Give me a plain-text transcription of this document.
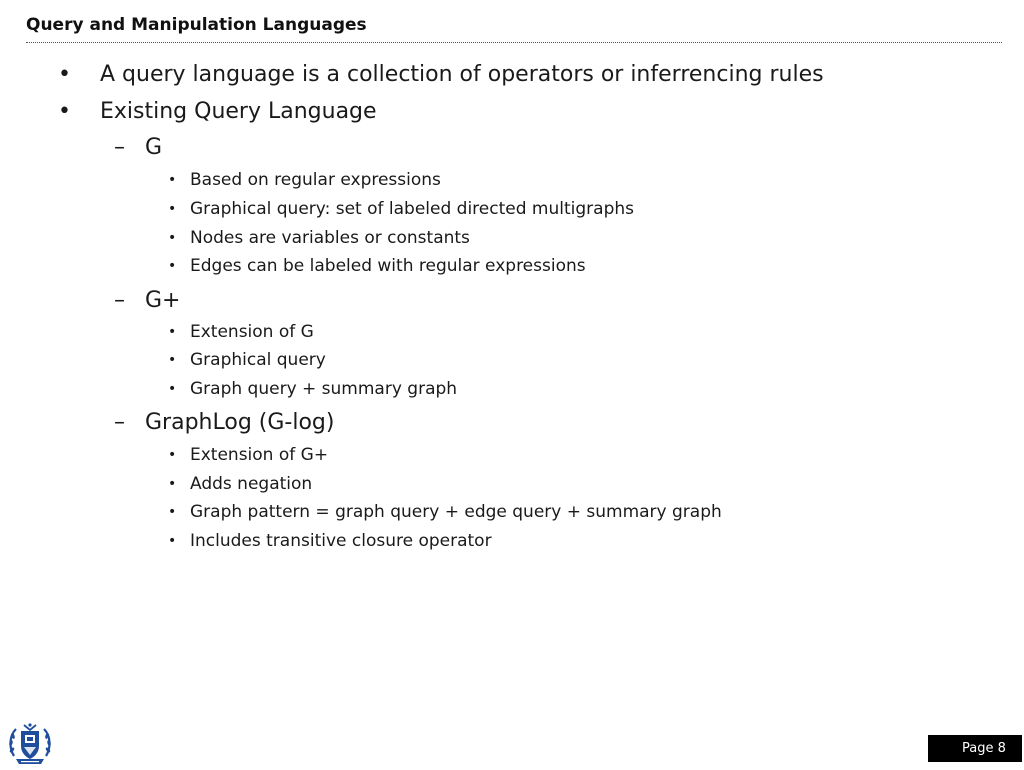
Query and Manipulation Languages
• A query language is a collection of operators or inferrencing rules
• Existing Query Language
– G
• Based on regular expressions
• Graphical query: set of labeled directed multigraphs
• Nodes are variables or constants
• Edges can be labeled with regular expressions
– G+
• Extension of G
• Graphical query
• Graph query + summary graph
– GraphLog (G-log)
• Extension of G+
• Adds negation
• Graph pattern = graph query + edge query + summary graph
• Includes transitive closure operator
Page 8
